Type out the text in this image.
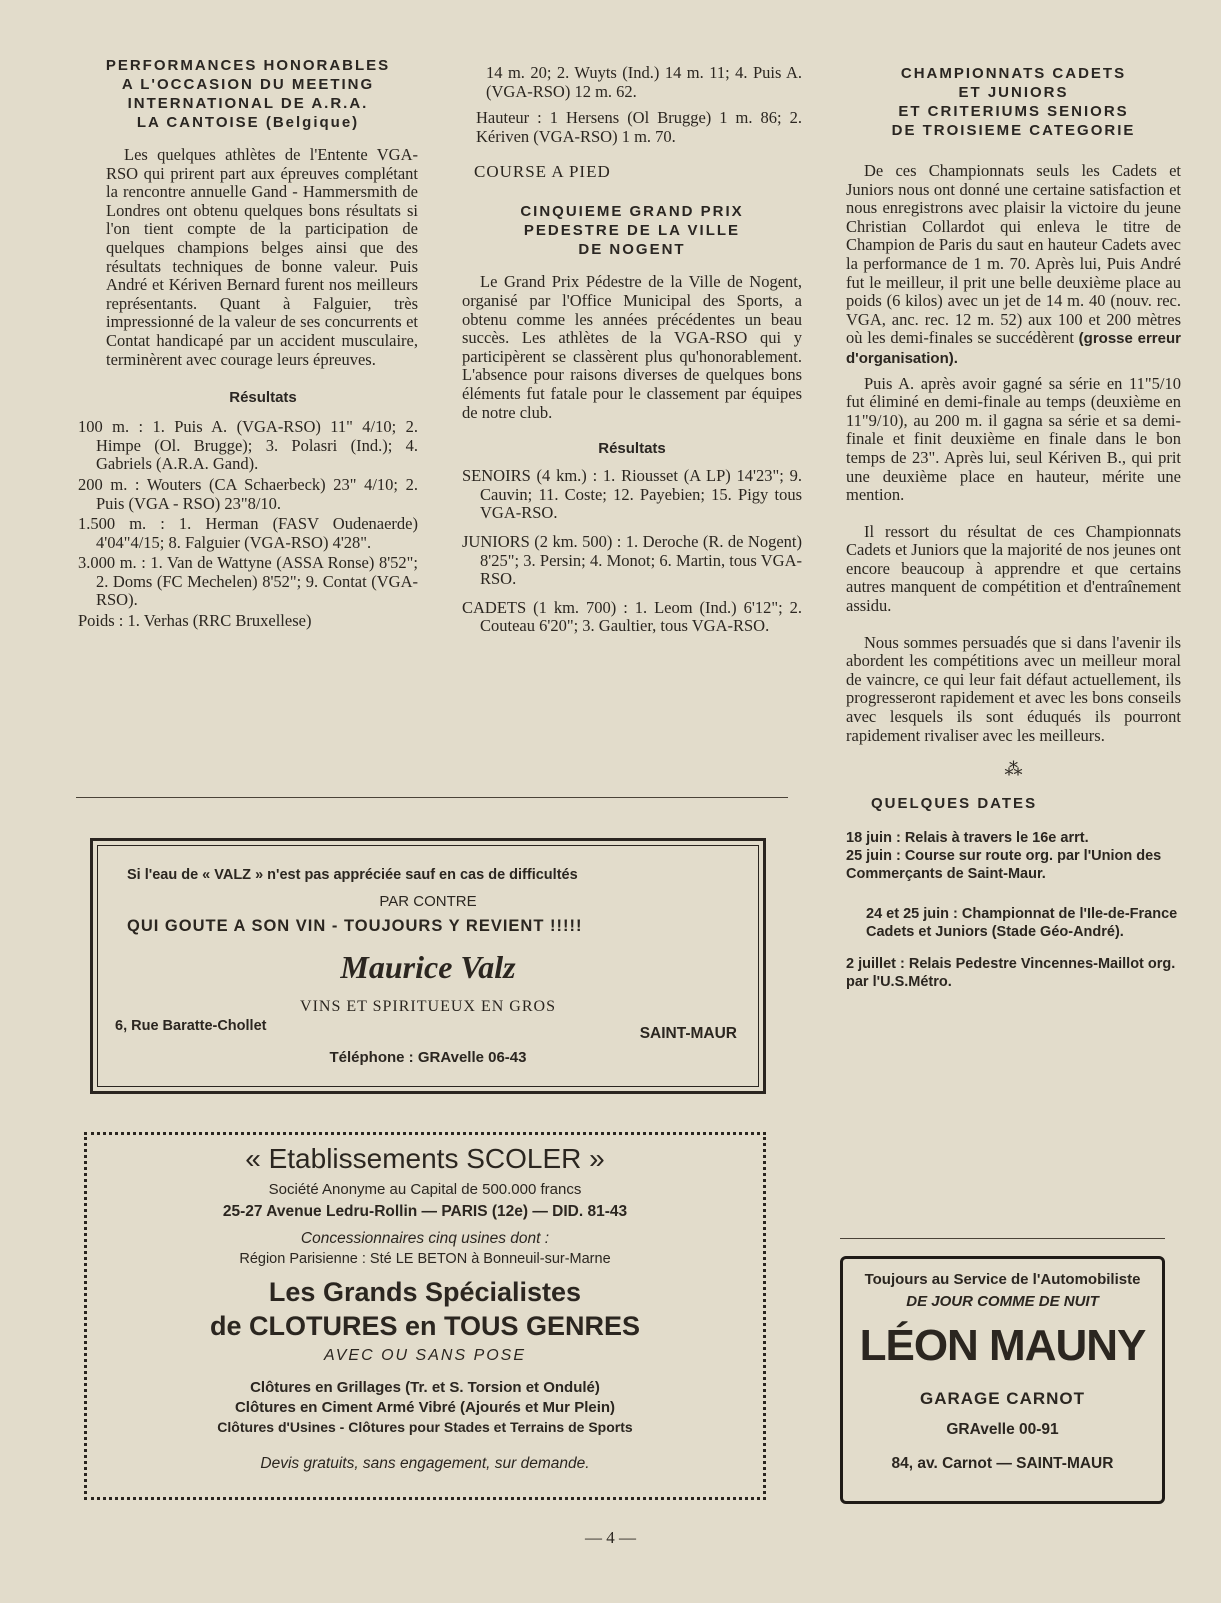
PERFORMANCES HONORABLES
A L'OCCASION DU MEETING
INTERNATIONAL DE A.R.A.
LA CANTOISE (Belgique)

Les quelques athlètes de l'Entente VGA-RSO qui prirent part aux épreuves complétant la rencontre annuelle Gand - Hammersmith de Londres ont obtenu quelques bons résultats si l'on tient compte de la participation de quelques champions belges ainsi que des résultats techniques de bonne valeur. Puis André et Kériven Bernard furent nos meilleurs représentants. Quant à Falguier, très impressionné de la valeur de ses concurrents et Contat handicapé par un accident musculaire, terminèrent avec courage leurs épreuves.

Résultats

100 m. : 1. Puis A. (VGA-RSO) 11" 4/10; 2. Himpe (Ol. Brugge); 3. Polasri (Ind.); 4. Gabriels (A.R.A. Gand).

200 m. : Wouters (CA Schaerbeck) 23" 4/10; 2. Puis (VGA - RSO) 23"8/10.

1.500 m. : 1. Herman (FASV Oudenaerde) 4'04"4/15; 8. Falguier (VGA-RSO) 4'28".

3.000 m. : 1. Van de Wattyne (ASSA Ronse) 8'52"; 2. Doms (FC Mechelen) 8'52"; 9. Contat (VGA-RSO).

Poids : 1. Verhas (RRC Bruxellese)

14 m. 20; 2. Wuyts (Ind.) 14 m. 11; 4. Puis A. (VGA-RSO) 12 m. 62.

Hauteur : 1 Hersens (Ol Brugge) 1 m. 86; 2. Kériven (VGA-RSO) 1 m. 70.

COURSE A PIED
CINQUIEME GRAND PRIX
PEDESTRE DE LA VILLE
DE NOGENT

Le Grand Prix Pédestre de la Ville de Nogent, organisé par l'Office Municipal des Sports, a obtenu comme les années précédentes un beau succès. Les athlètes de la VGA-RSO qui y participèrent se classèrent plus qu'honorablement. L'absence pour raisons diverses de quelques bons éléments fut fatale pour le classement par équipes de notre club.

Résultats

SENOIRS (4 km.) : 1. Riousset (A LP) 14'23"; 9. Cauvin; 11. Coste; 12. Payebien; 15. Pigy tous VGA-RSO.

JUNIORS (2 km. 500) : 1. Deroche (R. de Nogent) 8'25"; 3. Persin; 4. Monot; 6. Martin, tous VGA-RSO.

CADETS (1 km. 700) : 1. Leom (Ind.) 6'12"; 2. Couteau 6'20"; 3. Gaultier, tous VGA-RSO.

CHAMPIONNATS CADETS
ET JUNIORS
ET CRITERIUMS SENIORS
DE TROISIEME CATEGORIE

De ces Championnats seuls les Cadets et Juniors nous ont donné une certaine satisfaction et nous enregistrons avec plaisir la victoire du jeune Christian Collardot qui enleva le titre de Champion de Paris du saut en hauteur Cadets avec la performance de 1 m. 70. Après lui, Puis André fut le meilleur, il prit une belle deuxième place au poids (6 kilos) avec un jet de 14 m. 40 (nouv. rec. VGA, anc. rec. 12 m. 52) aux 100 et 200 mètres où les demi-finales se succédèrent (grosse erreur d'organisation).

Puis A. après avoir gagné sa série en 11"5/10 fut éliminé en demi-finale au temps (deuxième en 11"9/10), au 200 m. il gagna sa série et sa demi-finale et finit deuxième en finale dans le bon temps de 23". Après lui, seul Kériven B., qui prit une deuxième place en hauteur, mérite une mention.

Il ressort du résultat de ces Championnats Cadets et Juniors que la majorité de nos jeunes ont encore beaucoup à apprendre et que certains autres manquent de compétition et d'entraînement assidu.

Nous sommes persuadés que si dans l'avenir ils abordent les compétitions avec un meilleur moral de vaincre, ce qui leur fait défaut actuellement, ils progresseront rapidement et avec les bons conseils avec lesquels ils sont éduqués ils pourront rapidement rivaliser avec les meilleurs.

⁂
QUELQUES DATES

18 juin : Relais à travers le 16e arrt.

25 juin : Course sur route org. par l'Union des Commerçants de Saint-Maur.

24 et 25 juin : Championnat de l'Ile-de-France Cadets et Juniors (Stade Géo-André).

2 juillet : Relais Pedestre Vincennes-Maillot org. par l'U.S.Métro.

Si l'eau de « VALZ » n'est pas appréciée sauf en cas de difficultés
PAR CONTRE
QUI GOUTE A SON VIN - TOUJOURS Y REVIENT !!!!!
Maurice Valz
VINS ET SPIRITUEUX EN GROS
6, Rue Baratte-Chollet	SAINT-MAUR
Téléphone : GRAvelle 06-43
« Etablissements SCOLER »
Société Anonyme au Capital de 500.000 francs
25-27 Avenue Ledru-Rollin — PARIS (12e) — DID. 81-43
Concessionnaires cinq usines dont :
Région Parisienne : Sté LE BETON à Bonneuil-sur-Marne
Les Grands Spécialistes
de CLOTURES en TOUS GENRES
AVEC OU SANS POSE
Clôtures en Grillages (Tr. et S. Torsion et Ondulé)
Clôtures en Ciment Armé Vibré (Ajourés et Mur Plein)
Clôtures d'Usines - Clôtures pour Stades et Terrains de Sports
Devis gratuits, sans engagement, sur demande.
Toujours au Service de l'Automobiliste
DE JOUR COMME DE NUIT
LÉON MAUNY
GARAGE CARNOT
GRAvelle 00-91
84, av. Carnot — SAINT-MAUR
— 4 —
